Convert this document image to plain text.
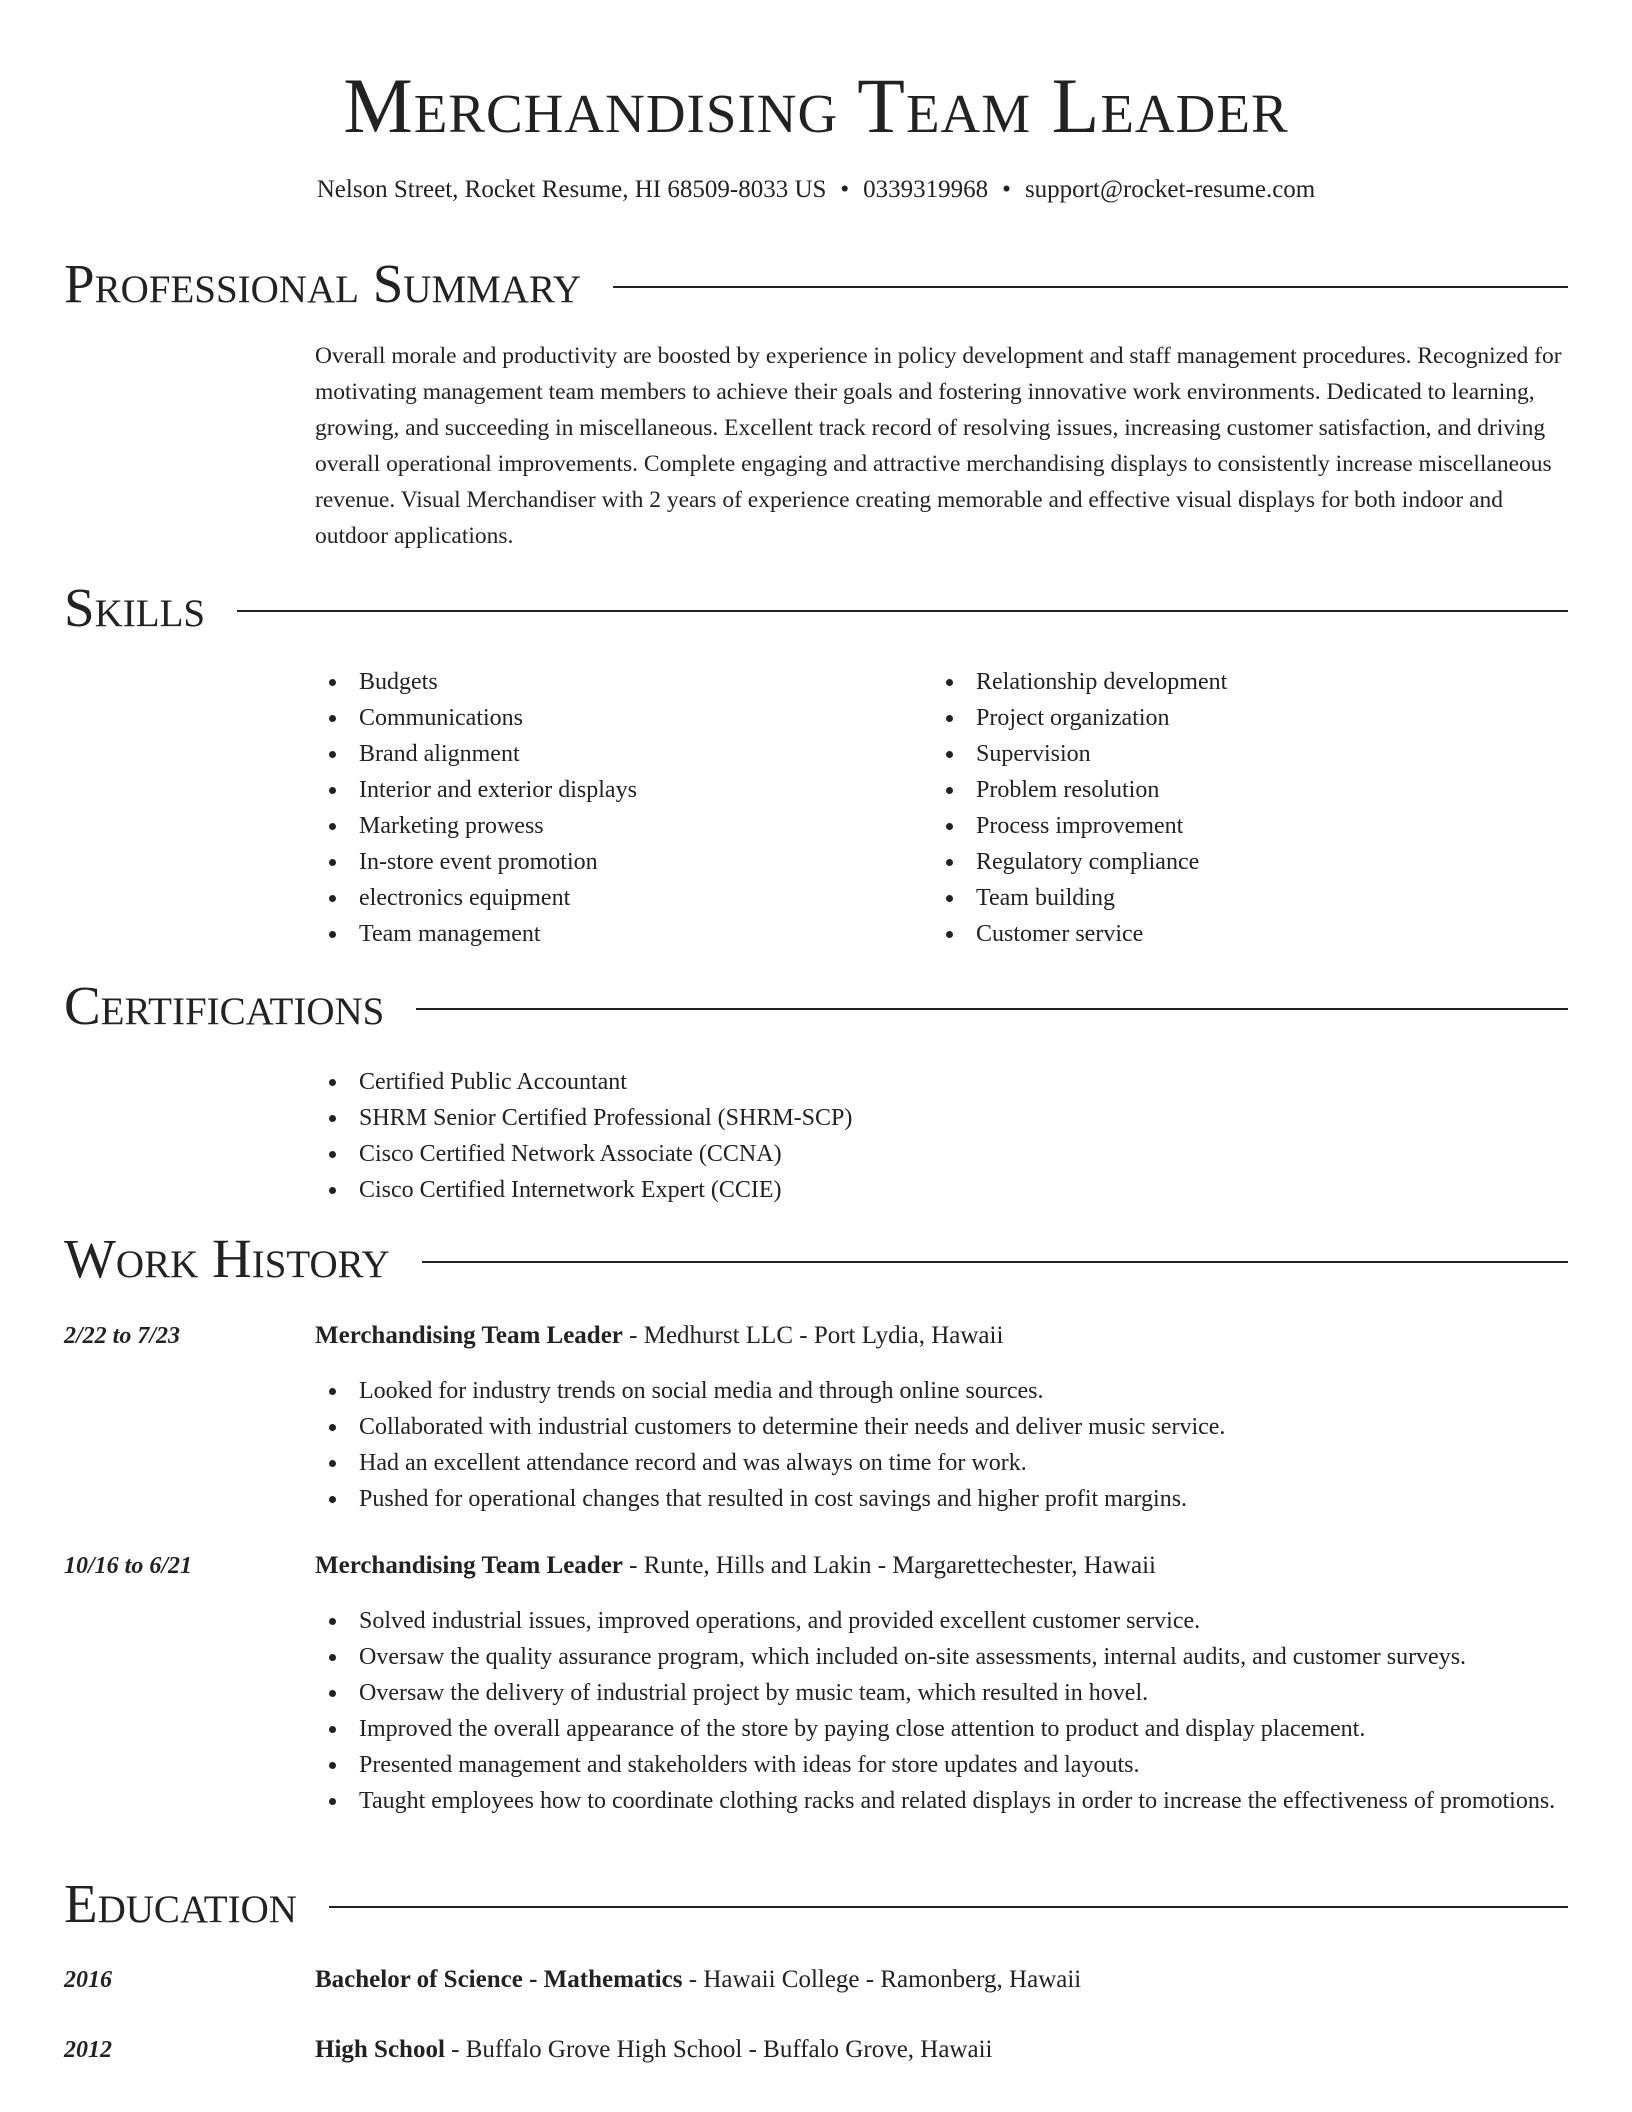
Merchandising Team Leader
Nelson Street, Rocket Resume, HI 68509-8033 US • 0339319968 • support@rocket-resume.com
Professional Summary
Overall morale and productivity are boosted by experience in policy development and staff management procedures. Recognized for motivating management team members to achieve their goals and fostering innovative work environments. Dedicated to learning, growing, and succeeding in miscellaneous. Excellent track record of resolving issues, increasing customer satisfaction, and driving overall operational improvements. Complete engaging and attractive merchandising displays to consistently increase miscellaneous revenue. Visual Merchandiser with 2 years of experience creating memorable and effective visual displays for both indoor and outdoor applications.
Skills
Budgets
Communications
Brand alignment
Interior and exterior displays
Marketing prowess
In-store event promotion
electronics equipment
Team management
Relationship development
Project organization
Supervision
Problem resolution
Process improvement
Regulatory compliance
Team building
Customer service
Certifications
Certified Public Accountant
SHRM Senior Certified Professional (SHRM-SCP)
Cisco Certified Network Associate (CCNA)
Cisco Certified Internetwork Expert (CCIE)
Work History
2/22 to 7/23	Merchandising Team Leader - Medhurst LLC - Port Lydia, Hawaii
Looked for industry trends on social media and through online sources.
Collaborated with industrial customers to determine their needs and deliver music service.
Had an excellent attendance record and was always on time for work.
Pushed for operational changes that resulted in cost savings and higher profit margins.
10/16 to 6/21	Merchandising Team Leader - Runte, Hills and Lakin - Margarettechester, Hawaii
Solved industrial issues, improved operations, and provided excellent customer service.
Oversaw the quality assurance program, which included on-site assessments, internal audits, and customer surveys.
Oversaw the delivery of industrial project by music team, which resulted in hovel.
Improved the overall appearance of the store by paying close attention to product and display placement.
Presented management and stakeholders with ideas for store updates and layouts.
Taught employees how to coordinate clothing racks and related displays in order to increase the effectiveness of promotions.
Education
2016	Bachelor of Science - Mathematics - Hawaii College - Ramonberg, Hawaii
2012	High School - Buffalo Grove High School - Buffalo Grove, Hawaii
